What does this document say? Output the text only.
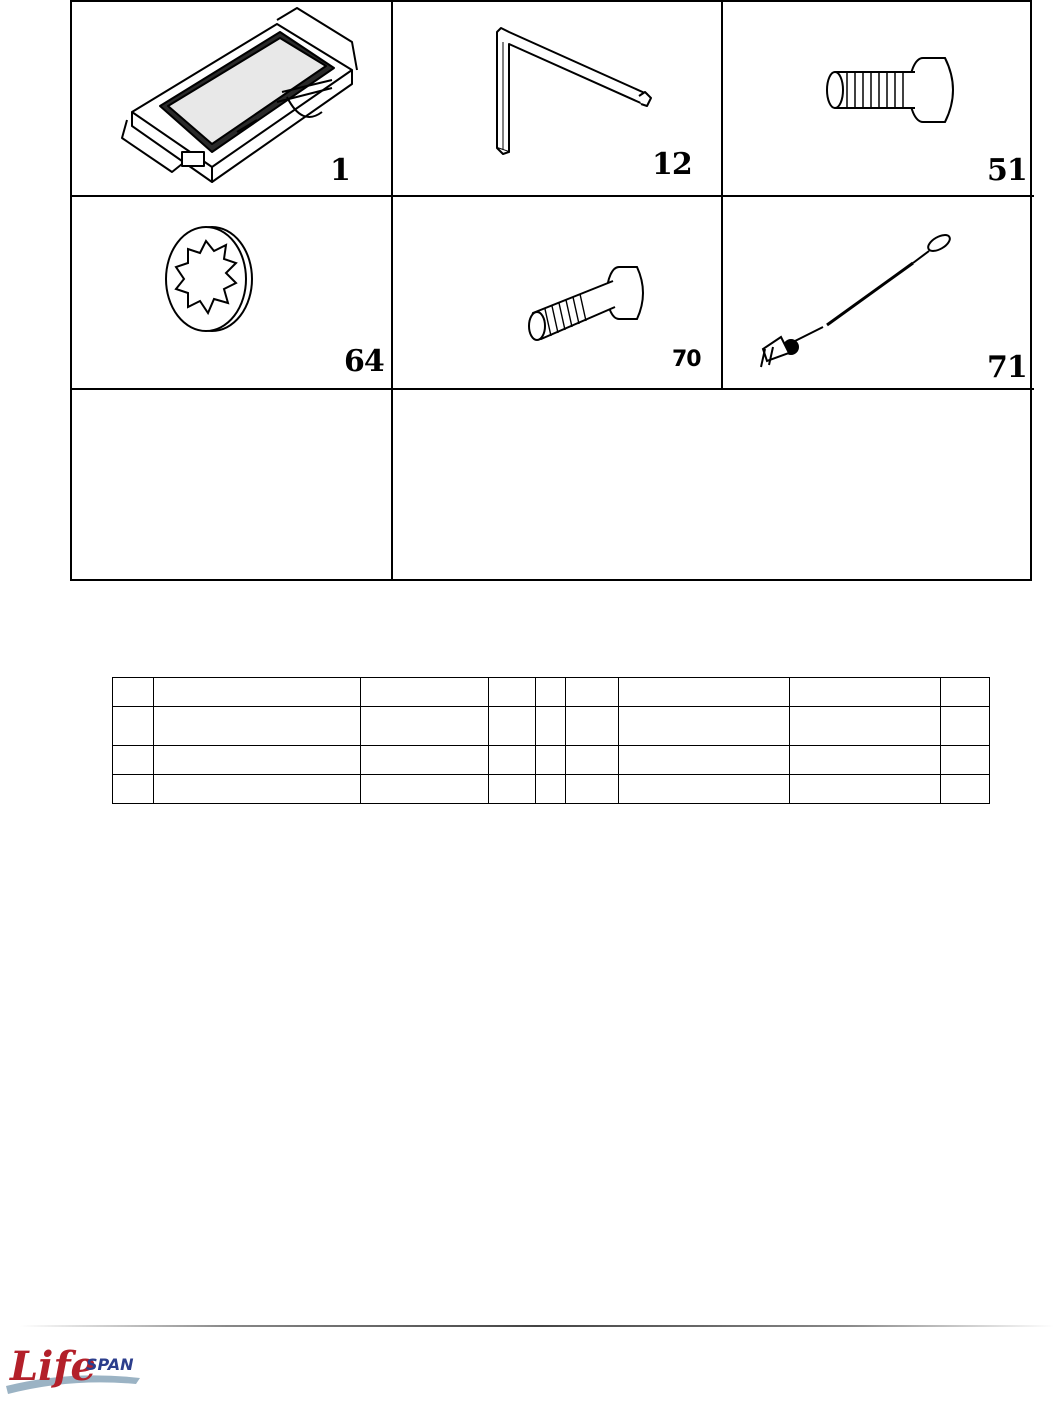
1	12	51
64	70	71

Life
SPAN
